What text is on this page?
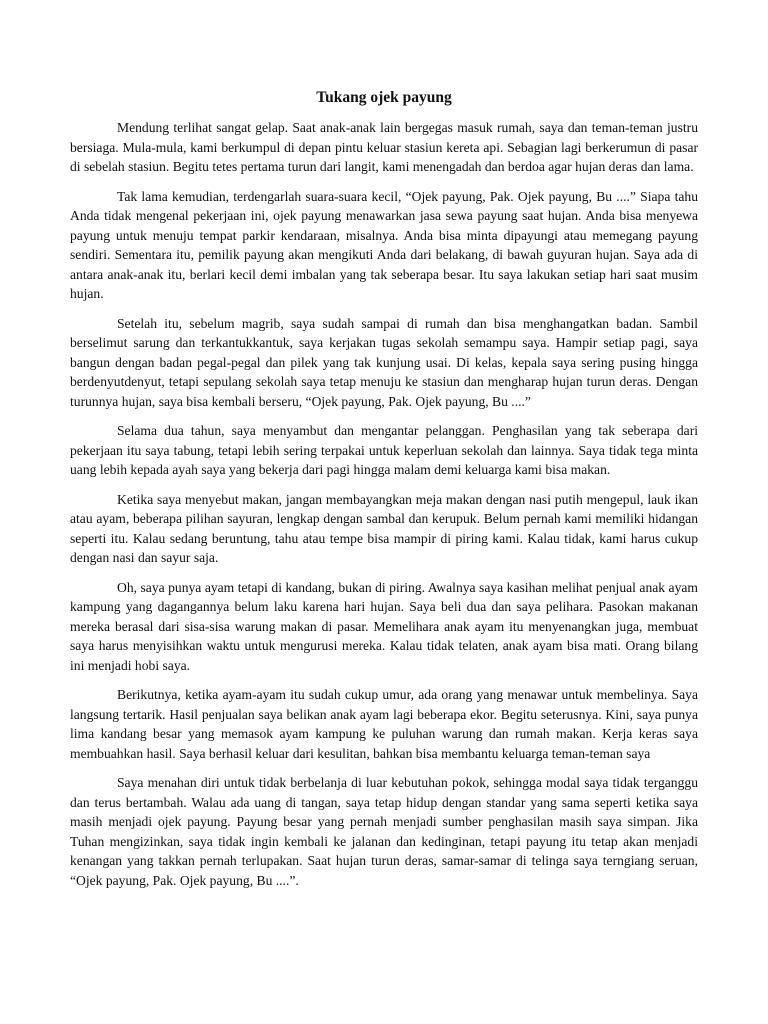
Tukang ojek payung

Mendung terlihat sangat gelap. Saat anak-anak lain bergegas masuk rumah, saya dan teman-teman justru bersiaga. Mula-mula, kami berkumpul di depan pintu keluar stasiun kereta api. Sebagian lagi berkerumun di pasar di sebelah stasiun. Begitu tetes pertama turun dari langit, kami menengadah dan berdoa agar hujan deras dan lama.

Tak lama kemudian, terdengarlah suara-suara kecil, “Ojek payung, Pak. Ojek payung, Bu ....” Siapa tahu Anda tidak mengenal pekerjaan ini, ojek payung menawarkan jasa sewa payung saat hujan. Anda bisa menyewa payung untuk menuju tempat parkir kendaraan, misalnya. Anda bisa minta dipayungi atau memegang payung sendiri. Sementara itu, pemilik payung akan mengikuti Anda dari belakang, di bawah guyuran hujan. Saya ada di antara anak-anak itu, berlari kecil demi imbalan yang tak seberapa besar. Itu saya lakukan setiap hari saat musim hujan.

Setelah itu, sebelum magrib, saya sudah sampai di rumah dan bisa menghangatkan badan. Sambil berselimut sarung dan terkantukkantuk, saya kerjakan tugas sekolah semampu saya. Hampir setiap pagi, saya bangun dengan badan pegal-pegal dan pilek yang tak kunjung usai. Di kelas, kepala saya sering pusing hingga berdenyutdenyut, tetapi sepulang sekolah saya tetap menuju ke stasiun dan mengharap hujan turun deras. Dengan turunnya hujan, saya bisa kembali berseru, “Ojek payung, Pak. Ojek payung, Bu ....”

Selama dua tahun, saya menyambut dan mengantar pelanggan. Penghasilan yang tak seberapa dari pekerjaan itu saya tabung, tetapi lebih sering terpakai untuk keperluan sekolah dan lainnya. Saya tidak tega minta uang lebih kepada ayah saya yang bekerja dari pagi hingga malam demi keluarga kami bisa makan.

Ketika saya menyebut makan, jangan membayangkan meja makan dengan nasi putih mengepul, lauk ikan atau ayam, beberapa pilihan sayuran, lengkap dengan sambal dan kerupuk. Belum pernah kami memiliki hidangan seperti itu. Kalau sedang beruntung, tahu atau tempe bisa mampir di piring kami. Kalau tidak, kami harus cukup dengan nasi dan sayur saja.

Oh, saya punya ayam tetapi di kandang, bukan di piring. Awalnya saya kasihan melihat penjual anak ayam kampung yang dagangannya belum laku karena hari hujan. Saya beli dua dan saya pelihara. Pasokan makanan mereka berasal dari sisa-sisa warung makan di pasar. Memelihara anak ayam itu menyenangkan juga, membuat saya harus menyisihkan waktu untuk mengurusi mereka. Kalau tidak telaten, anak ayam bisa mati. Orang bilang ini menjadi hobi saya.

Berikutnya, ketika ayam-ayam itu sudah cukup umur, ada orang yang menawar untuk membelinya. Saya langsung tertarik. Hasil penjualan saya belikan anak ayam lagi beberapa ekor. Begitu seterusnya. Kini, saya punya lima kandang besar yang memasok ayam kampung ke puluhan warung dan rumah makan. Kerja keras saya membuahkan hasil. Saya berhasil keluar dari kesulitan, bahkan bisa membantu keluarga teman-teman saya

Saya menahan diri untuk tidak berbelanja di luar kebutuhan pokok, sehingga modal saya tidak terganggu dan terus bertambah. Walau ada uang di tangan, saya tetap hidup dengan standar yang sama seperti ketika saya masih menjadi ojek payung. Payung besar yang pernah menjadi sumber penghasilan masih saya simpan. Jika Tuhan mengizinkan, saya tidak ingin kembali ke jalanan dan kedinginan, tetapi payung itu tetap akan menjadi kenangan yang takkan pernah terlupakan. Saat hujan turun deras, samar-samar di telinga saya terngiang seruan, “Ojek payung, Pak. Ojek payung, Bu ....”.
